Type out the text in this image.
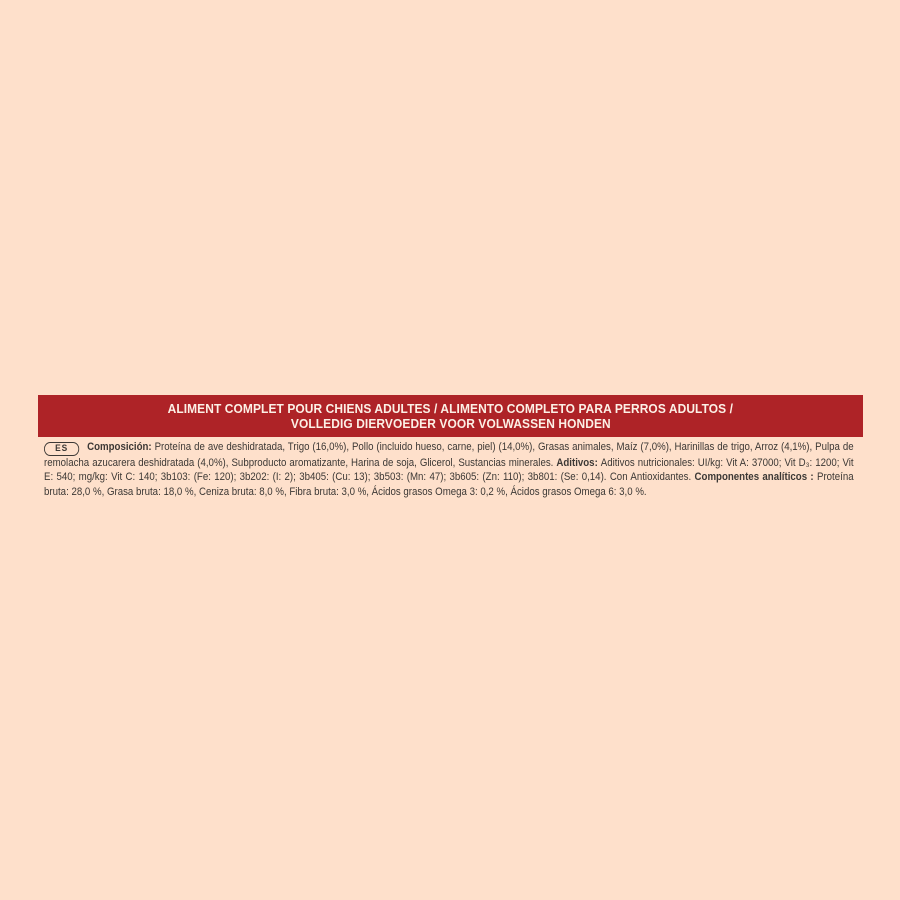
ALIMENT COMPLET POUR CHIENS ADULTES / ALIMENTO COMPLETO PARA PERROS ADULTOS /
VOLLEDIG DIERVOEDER VOOR VOLWASSEN HONDEN

ES Composición: Proteína de ave deshidratada, Trigo (16,0%), Pollo (incluido hueso, carne, piel) (14,0%), Grasas animales, Maíz (7,0%), Harinillas de trigo, Arroz (4,1%), Pulpa de remolacha azucarera deshidratada (4,0%), Subproducto aromatizante, Harina de soja, Glicerol, Sustancias minerales. Aditivos: Aditivos nutricionales: UI/kg: Vit A: 37000; Vit D₃: 1200; Vit E: 540; mg/kg: Vit C: 140; 3b103: (Fe: 120); 3b202: (I: 2); 3b405: (Cu: 13); 3b503: (Mn: 47); 3b605: (Zn: 110); 3b801: (Se: 0,14). Con Antioxidantes. Componentes analíticos : Proteína bruta: 28,0 %, Grasa bruta: 18,0 %, Ceniza bruta: 8,0 %, Fibra bruta: 3,0 %, Ácidos grasos Omega 3: 0,2 %, Ácidos grasos Omega 6: 3,0 %.
